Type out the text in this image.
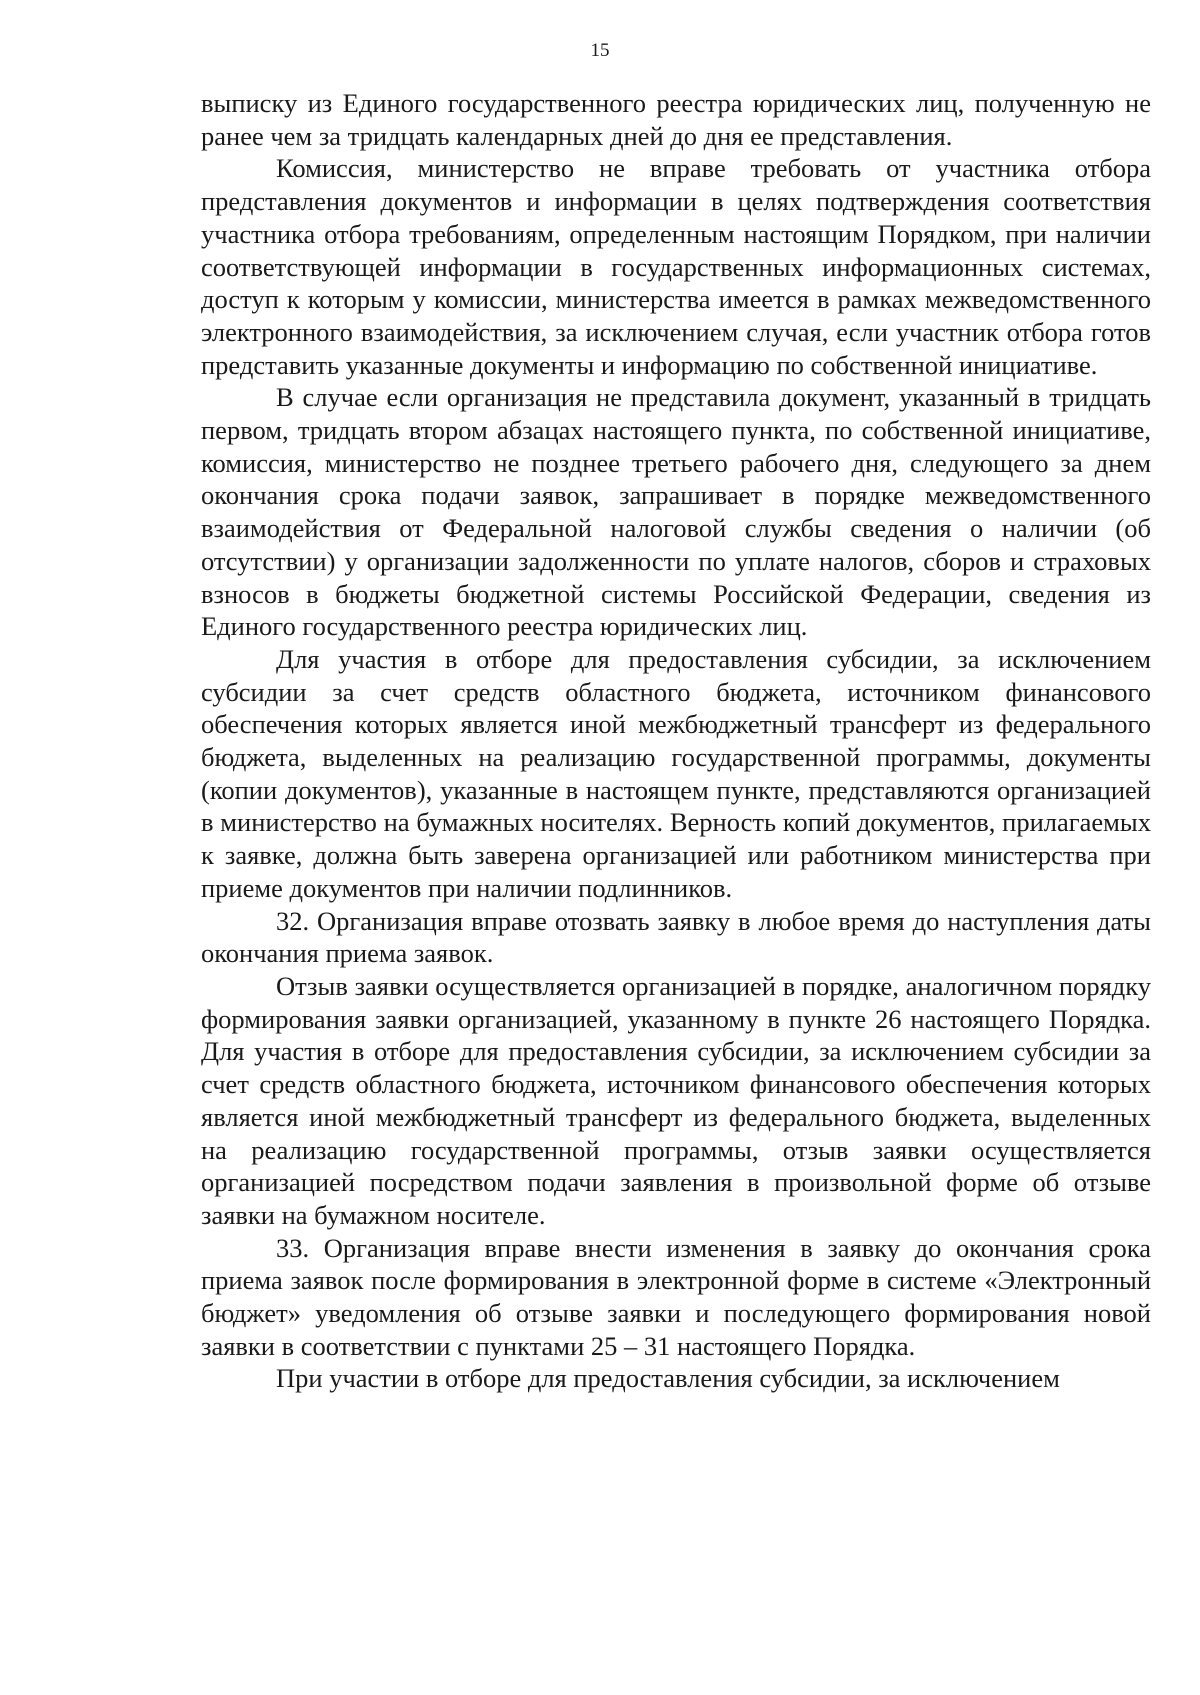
15

выписку из Единого государственного реестра юридических лиц, полученную не ранее чем за тридцать календарных дней до дня ее представления.

Комиссия, министерство не вправе требовать от участника отбора представления документов и информации в целях подтверждения соответствия участника отбора требованиям, определенным настоящим Порядком, при наличии соответствующей информации в государственных информационных системах, доступ к которым у комиссии, министерства имеется в рамках межведомственного электронного взаимодействия, за исключением случая, если участник отбора готов представить указанные документы и информацию по собственной инициативе.

В случае если организация не представила документ, указанный в тридцать первом, тридцать втором абзацах настоящего пункта, по собственной инициативе, комиссия, министерство не позднее третьего рабочего дня, следующего за днем окончания срока подачи заявок, запрашивает в порядке межведомственного взаимодействия от Федеральной налоговой службы сведения о наличии (об отсутствии) у организации задолженности по уплате налогов, сборов и страховых взносов в бюджеты бюджетной системы Российской Федерации, сведения из Единого государственного реестра юридических лиц.

Для участия в отборе для предоставления субсидии, за исключением субсидии за счет средств областного бюджета, источником финансового обеспечения которых является иной межбюджетный трансферт из федерального бюджета, выделенных на реализацию государственной программы, документы (копии документов), указанные в настоящем пункте, представляются организацией в министерство на бумажных носителях. Верность копий документов, прилагаемых к заявке, должна быть заверена организацией или работником министерства при приеме документов при наличии подлинников.

32. Организация вправе отозвать заявку в любое время до наступления даты окончания приема заявок.

Отзыв заявки осуществляется организацией в порядке, аналогичном порядку формирования заявки организацией, указанному в пункте 26 настоящего Порядка. Для участия в отборе для предоставления субсидии, за исключением субсидии за счет средств областного бюджета, источником финансового обеспечения которых является иной межбюджетный трансферт из федерального бюджета, выделенных на реализацию государственной программы, отзыв заявки осуществляется организацией посредством подачи заявления в произвольной форме об отзыве заявки на бумажном носителе.

33. Организация вправе внести изменения в заявку до окончания срока приема заявок после формирования в электронной форме в системе «Электронный бюджет» уведомления об отзыве заявки и последующего формирования новой заявки в соответствии с пунктами 25 – 31 настоящего Порядка.

При участии в отборе для предоставления субсидии, за исключением
